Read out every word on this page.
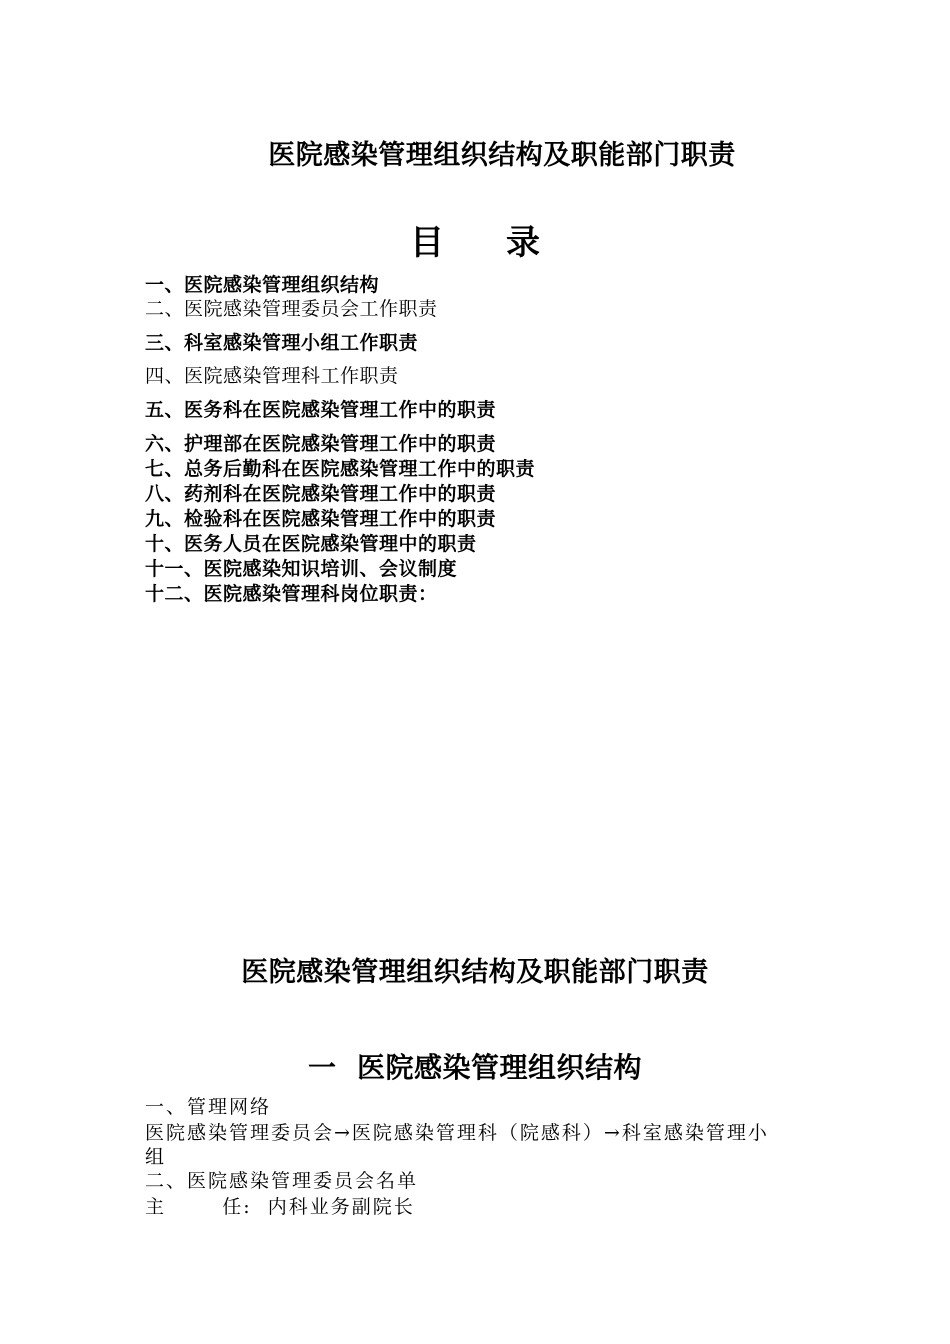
医院感染管理组织结构及职能部门职责
目录
一、医院感染管理组织结构
二、医院感染管理委员会工作职责
三、科室感染管理小组工作职责
四、医院感染管理科工作职责
五、医务科在医院感染管理工作中的职责
六、护理部在医院感染管理工作中的职责
七、总务后勤科在医院感染管理工作中的职责
八、药剂科在医院感染管理工作中的职责
九、检验科在医院感染管理工作中的职责
十、医务人员在医院感染管理中的职责
十一、医院感染知识培训、会议制度
十二、医院感染管理科岗位职责：
医院感染管理组织结构及职能部门职责
一  医院感染管理组织结构
一、管理网络
医院感染管理委员会→医院感染管理科（院感科）→科室感染管理小
组
二、医院感染管理委员会名单
主       任:  内科业务副院长
